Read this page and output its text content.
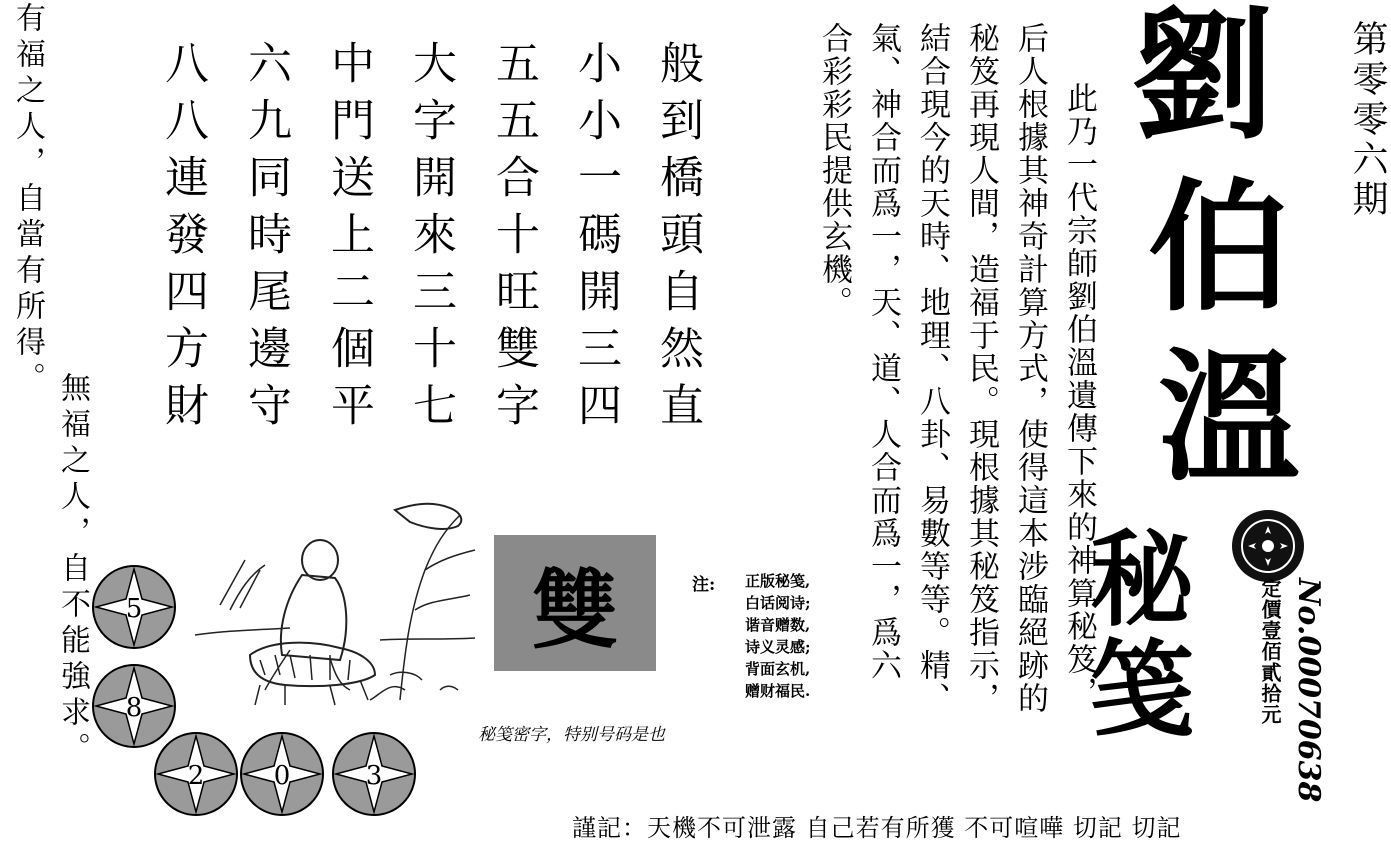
有福之人，自當有所得。
無福之人，自不能強求。
般到橋頭自然直
小小一碼開三四
五五合十旺雙字
大字開來三十七
中門送上二個平
六九同時尾邊守
八八連發四方財
雙
秘笺密字，特别号码是也
注: 正版秘笺,
白话阅诗;
谐音赠数,
诗义灵感;
背面玄机,
赠财福民.
5
8
2	0	3
此乃一代宗師劉伯溫遺傳下來的神算秘笈，
后人根據其神奇計算方式，使得這本涉臨絕跡的
秘笈再現人間，造福于民。現根據其秘笈指示，
結合現今的天時、地理、八卦、易數等等。精、
氣、神合而爲一，天、道、人合而爲一，爲六
合彩彩民提供玄機。 劉
伯
溫
秘
笺
第零零六期
定價壹佰貳拾元 No.00070638
謹記：天機不可泄露 自己若有所獲 不可喧嘩 切記 切記
